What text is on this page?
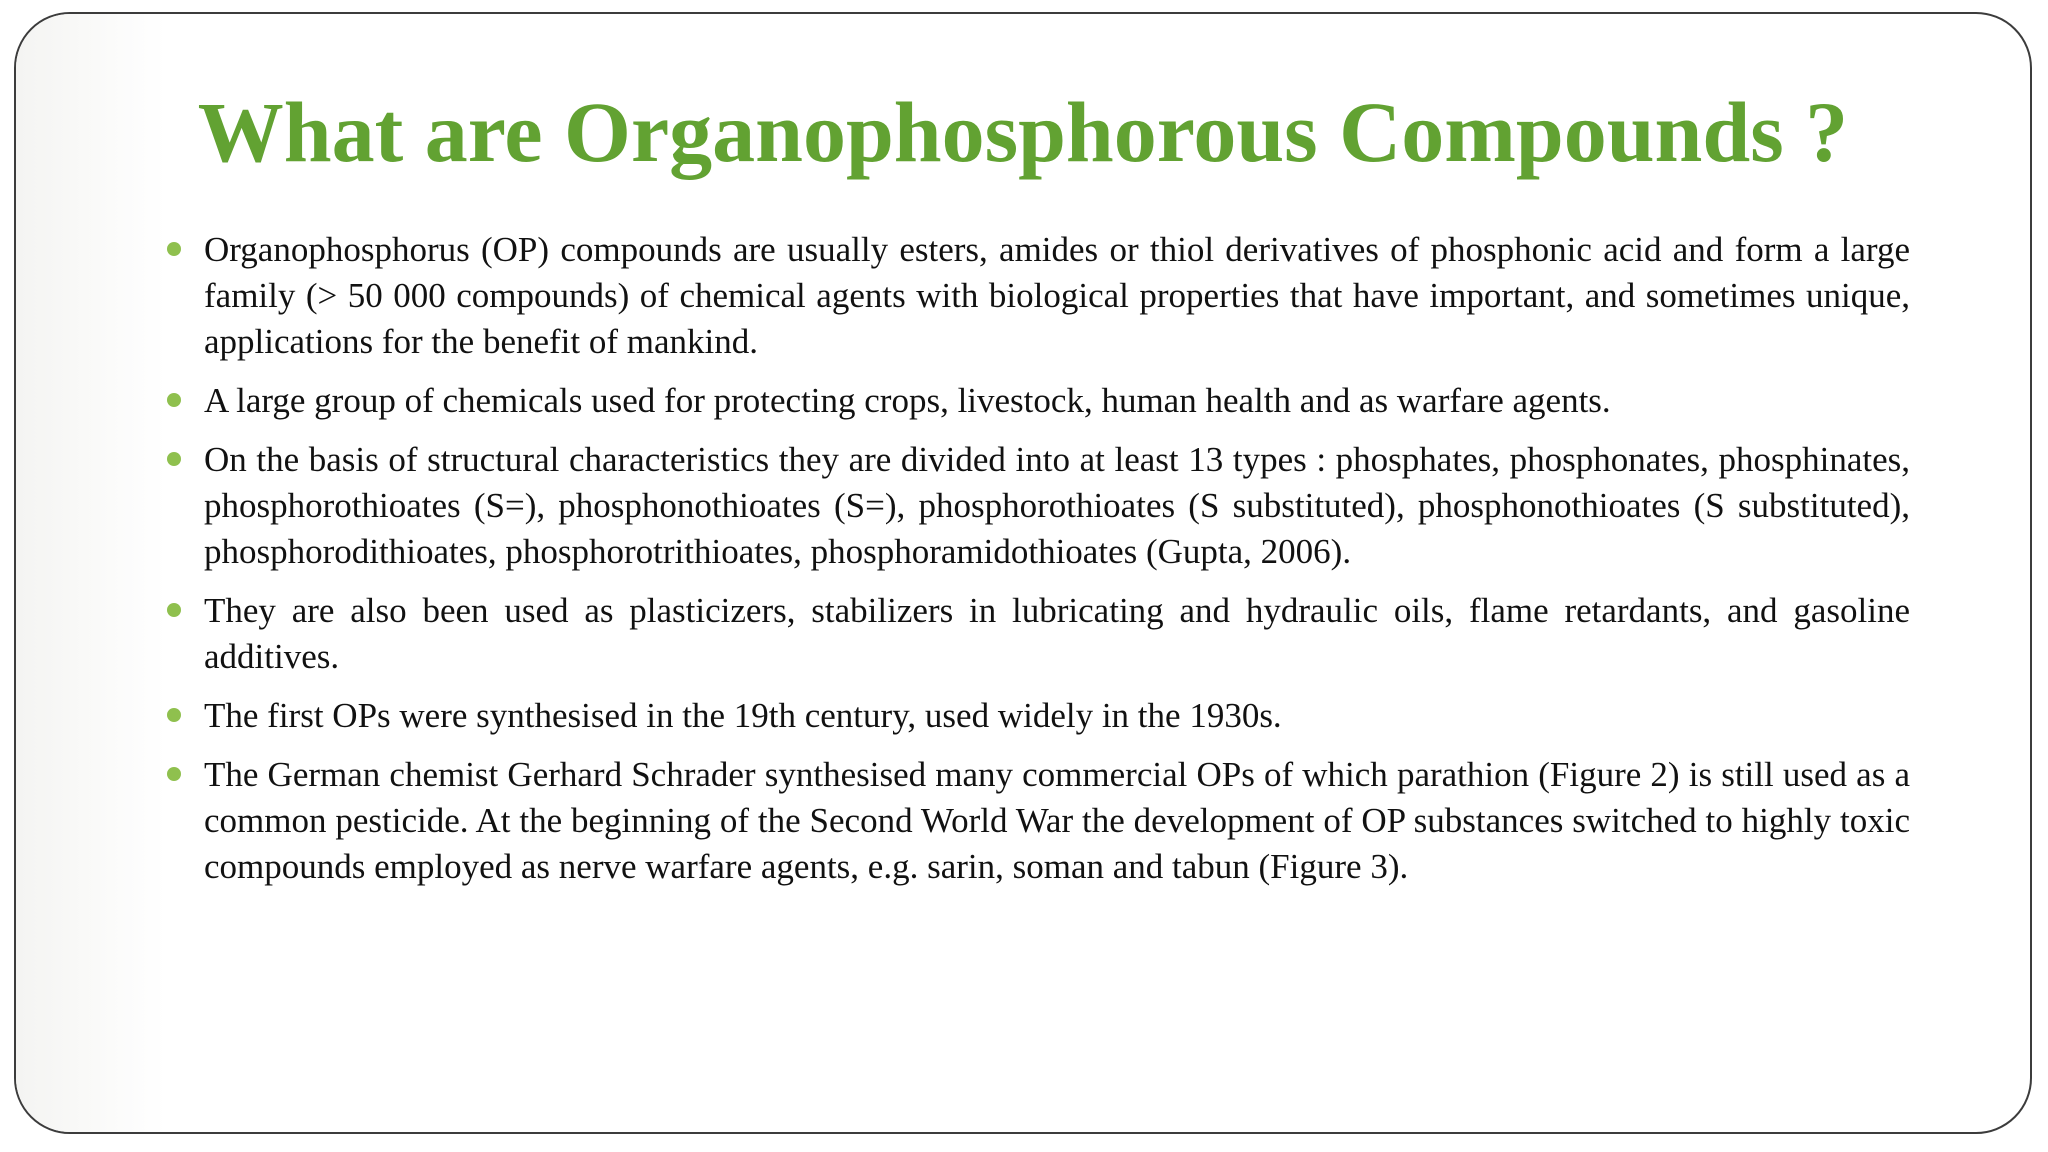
What are Organophosphorous Compounds ?
Organophosphorus (OP) compounds are usually esters, amides or thiol derivatives of phosphonic acid and form a large family (> 50 000 compounds) of chemical agents with biological properties that have important, and sometimes unique, applications for the benefit of mankind.
A large group of chemicals used for protecting crops, livestock, human health and as warfare agents.
On the basis of structural characteristics they are divided into at least 13 types : phosphates, phosphonates, phosphinates, phosphorothioates (S=), phosphonothioates (S=), phosphorothioates (S substituted), phosphonothioates (S substituted), phosphorodithioates, phosphorotrithioates, phosphoramidothioates (Gupta, 2006).
They are also been used as plasticizers, stabilizers in lubricating and hydraulic oils, flame retardants, and gasoline additives.
The first OPs were synthesised in the 19th century, used widely in the 1930s.
The German chemist Gerhard Schrader synthesised many commercial OPs of which parathion (Figure 2) is still used as a common pesticide. At the beginning of the Second World War the development of OP substances switched to highly toxic compounds employed as nerve warfare agents, e.g. sarin, soman and tabun (Figure 3).
